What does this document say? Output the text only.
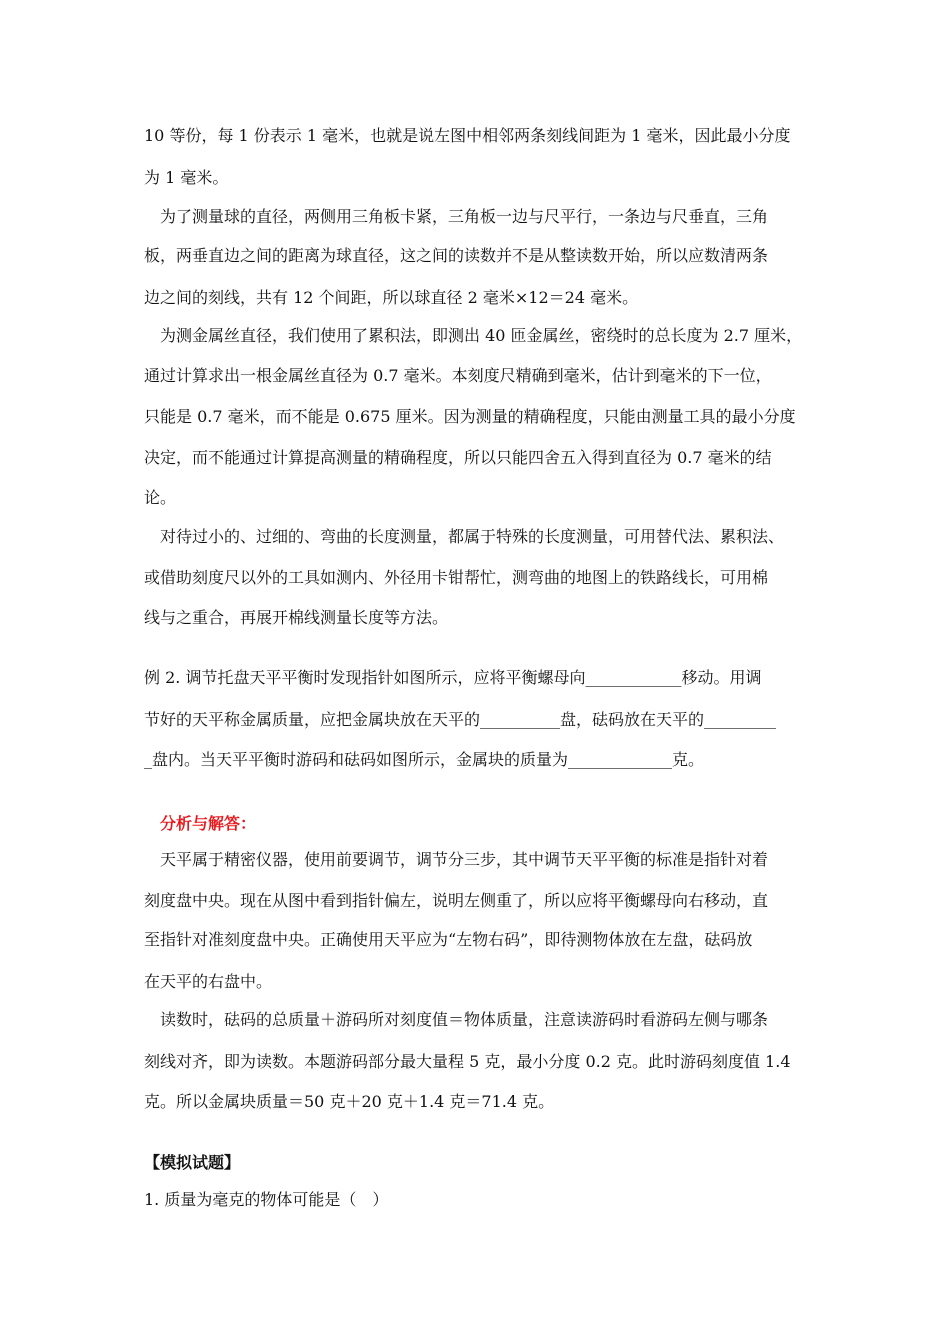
10 等份，每 1 份表示 1 毫米，也就是说左图中相邻两条刻线间距为 1 毫米，因此最小分度
为 1 毫米。
　为了测量球的直径，两侧用三角板卡紧，三角板一边与尺平行，一条边与尺垂直，三角
板，两垂直边之间的距离为球直径，这之间的读数并不是从整读数开始，所以应数清两条
边之间的刻线，共有 12 个间距，所以球直径 2 毫米×12＝24 毫米。
　为测金属丝直径，我们使用了累积法，即测出 40 匝金属丝，密绕时的总长度为 2.7 厘米，
通过计算求出一根金属丝直径为 0.7 毫米。本刻度尺精确到毫米，估计到毫米的下一位，
只能是 0.7 毫米，而不能是 0.675 厘米。因为测量的精确程度，只能由测量工具的最小分度
决定，而不能通过计算提高测量的精确程度，所以只能四舍五入得到直径为 0.7 毫米的结
论。
　对待过小的、过细的、弯曲的长度测量，都属于特殊的长度测量，可用替代法、累积法、
或借助刻度尺以外的工具如测内、外径用卡钳帮忙，测弯曲的地图上的铁路线长，可用棉
线与之重合，再展开棉线测量长度等方法。
例 2. 调节托盘天平平衡时发现指针如图所示，应将平衡螺母向____________移动。用调
节好的天平称金属质量，应把金属块放在天平的__________盘，砝码放在天平的_________
_盘内。当天平平衡时游码和砝码如图所示，金属块的质量为_____________克。
　分析与解答：
　天平属于精密仪器，使用前要调节，调节分三步，其中调节天平平衡的标准是指针对着
刻度盘中央。现在从图中看到指针偏左，说明左侧重了，所以应将平衡螺母向右移动，直
至指针对准刻度盘中央。正确使用天平应为“左物右码”，即待测物体放在左盘，砝码放
在天平的右盘中。
　读数时，砝码的总质量＋游码所对刻度值＝物体质量，注意读游码时看游码左侧与哪条
刻线对齐，即为读数。本题游码部分最大量程 5 克，最小分度 0.2 克。此时游码刻度值 1.4
克。所以金属块质量＝50 克＋20 克＋1.4 克＝71.4 克。
【模拟试题】
1. 质量为毫克的物体可能是（　）
